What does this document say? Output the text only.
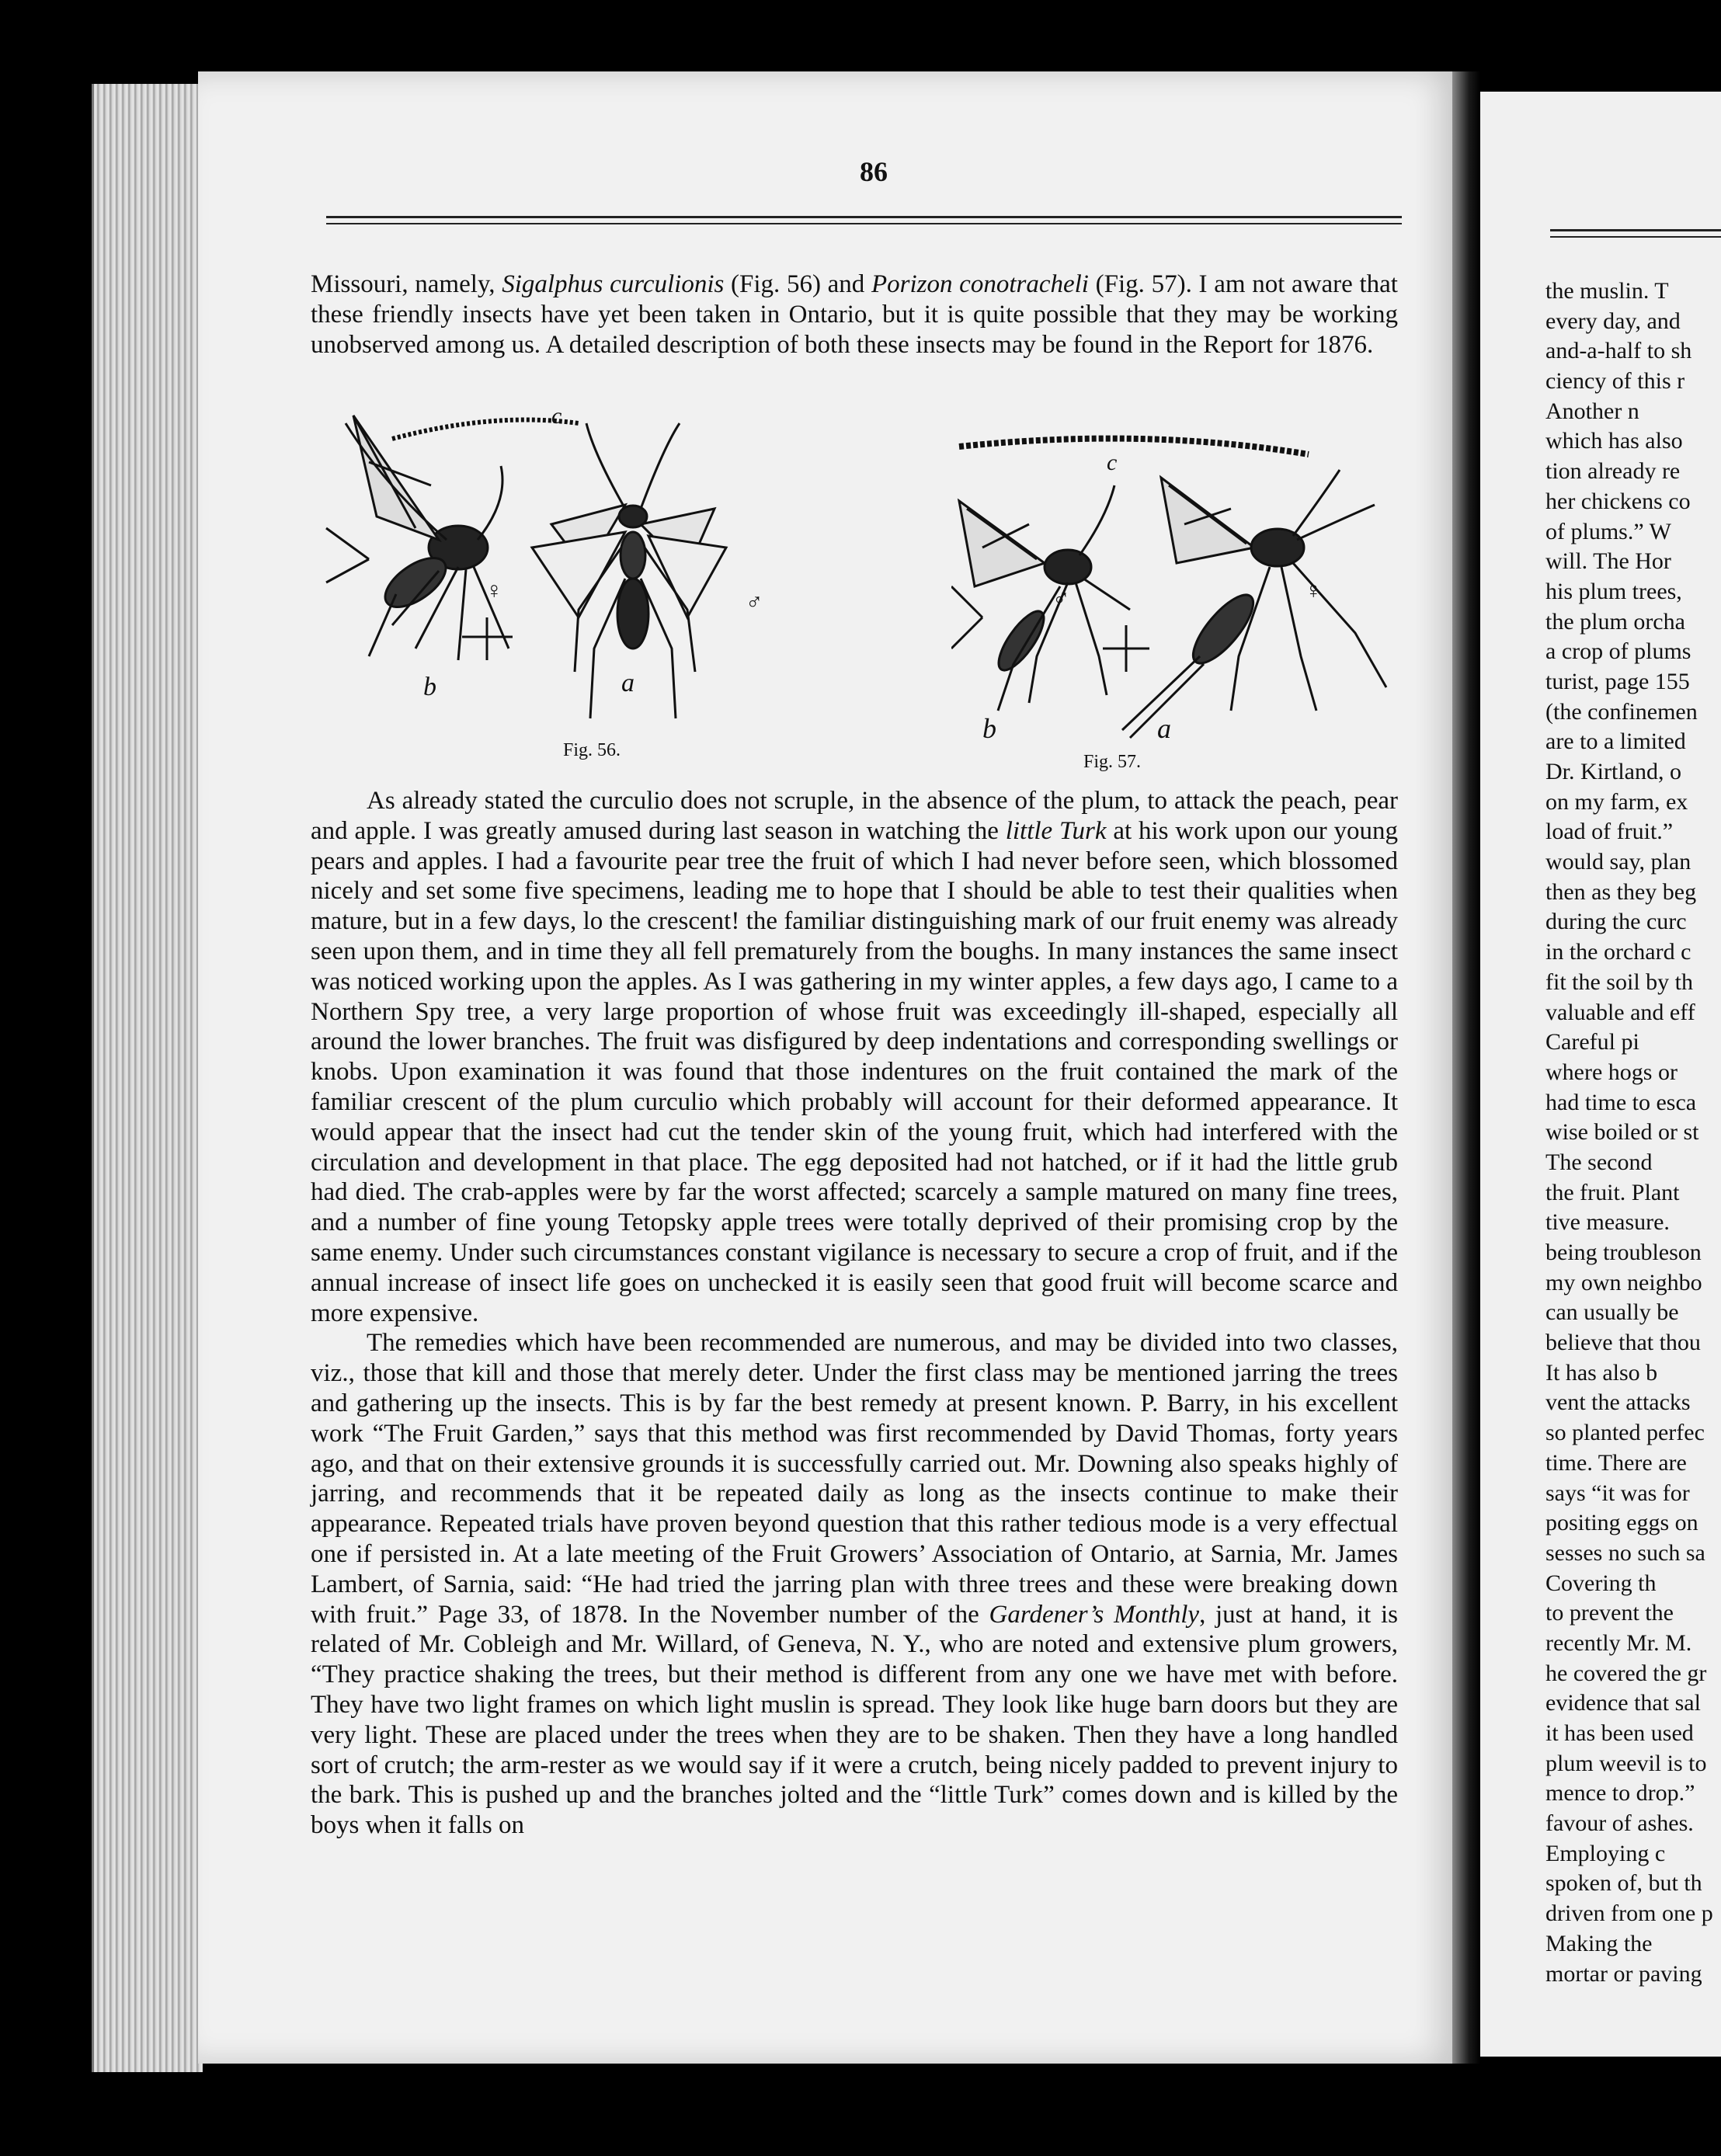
86

Missouri, namely, Sigalphus curculionis (Fig. 56) and Porizon conotracheli (Fig. 57). I am not aware that these friendly insects have yet been taken in Ontario, but it is quite possible that they may be working unobserved among us. A detailed description of both these insects may be found in the Report for 1876.

c
♀	♂
b	a
Fig. 56.
c
♂	♀
b	a
Fig. 57.

As already stated the curculio does not scruple, in the absence of the plum, to attack the peach, pear and apple. I was greatly amused during last season in watching the little Turk at his work upon our young pears and apples. I had a favourite pear tree the fruit of which I had never before seen, which blossomed nicely and set some five specimens, leading me to hope that I should be able to test their qualities when mature, but in a few days, lo the crescent! the familiar distinguishing mark of our fruit enemy was already seen upon them, and in time they all fell prematurely from the boughs. In many instances the same insect was noticed working upon the apples. As I was gathering in my winter apples, a few days ago, I came to a Northern Spy tree, a very large proportion of whose fruit was exceedingly ill-shaped, especially all around the lower branches. The fruit was disfigured by deep indentations and corresponding swellings or knobs. Upon examination it was found that those indentures on the fruit contained the mark of the familiar crescent of the plum curculio which probably will account for their deformed appearance. It would appear that the insect had cut the tender skin of the young fruit, which had interfered with the circulation and development in that place. The egg deposited had not hatched, or if it had the little grub had died. The crab-apples were by far the worst affected; scarcely a sample matured on many fine trees, and a number of fine young Tetopsky apple trees were totally deprived of their promising crop by the same enemy. Under such circumstances constant vigilance is necessary to secure a crop of fruit, and if the annual increase of insect life goes on unchecked it is easily seen that good fruit will become scarce and more expensive.

The remedies which have been recommended are numerous, and may be divided into two classes, viz., those that kill and those that merely deter. Under the first class may be mentioned jarring the trees and gathering up the insects. This is by far the best remedy at present known. P. Barry, in his excellent work “The Fruit Garden,” says that this method was first recommended by David Thomas, forty years ago, and that on their extensive grounds it is successfully carried out. Mr. Downing also speaks highly of jarring, and recommends that it be repeated daily as long as the insects continue to make their appearance. Repeated trials have proven beyond question that this rather tedious mode is a very effectual one if persisted in. At a late meeting of the Fruit Growers’ Association of Ontario, at Sarnia, Mr. James Lambert, of Sarnia, said: “He had tried the jarring plan with three trees and these were breaking down with fruit.” Page 33, of 1878. In the November number of the Gardener’s Monthly, just at hand, it is related of Mr. Cobleigh and Mr. Willard, of Geneva, N. Y., who are noted and extensive plum growers, “They practice shaking the trees, but their method is different from any one we have met with before. They have two light frames on which light muslin is spread. They look like huge barn doors but they are very light. These are placed under the trees when they are to be shaken. Then they have a long handled sort of crutch; the arm-rester as we would say if it were a crutch, being nicely padded to prevent injury to the bark. This is pushed up and the branches jolted and the “little Turk” comes down and is killed by the boys when it falls on

the muslin. T
every day, and
and-a-half to sh
ciency of this r
Another n
which has also
tion already re
her chickens co
of plums.” W
will. The Hor
his plum trees,
the plum orcha
a crop of plums
turist, page 155
(the confinemen
are to a limited
Dr. Kirtland, o
on my farm, ex
load of fruit.”
would say, plan
then as they beg
during the curc
in the orchard c
fit the soil by th
valuable and eff
Careful pi
where hogs or
had time to esca
wise boiled or st
The second
the fruit. Plant
tive measure.
being troubleson
my own neighbo
can usually be
believe that thou
It has also b
vent the attacks
so planted perfec
time. There are
says “it was for
positing eggs on
sesses no such sa
Covering th
to prevent the
recently Mr. M.
he covered the gr
evidence that sal
it has been used
plum weevil is to
mence to drop.”
favour of ashes.
Employing c
spoken of, but th
driven from one p
Making the
mortar or paving
